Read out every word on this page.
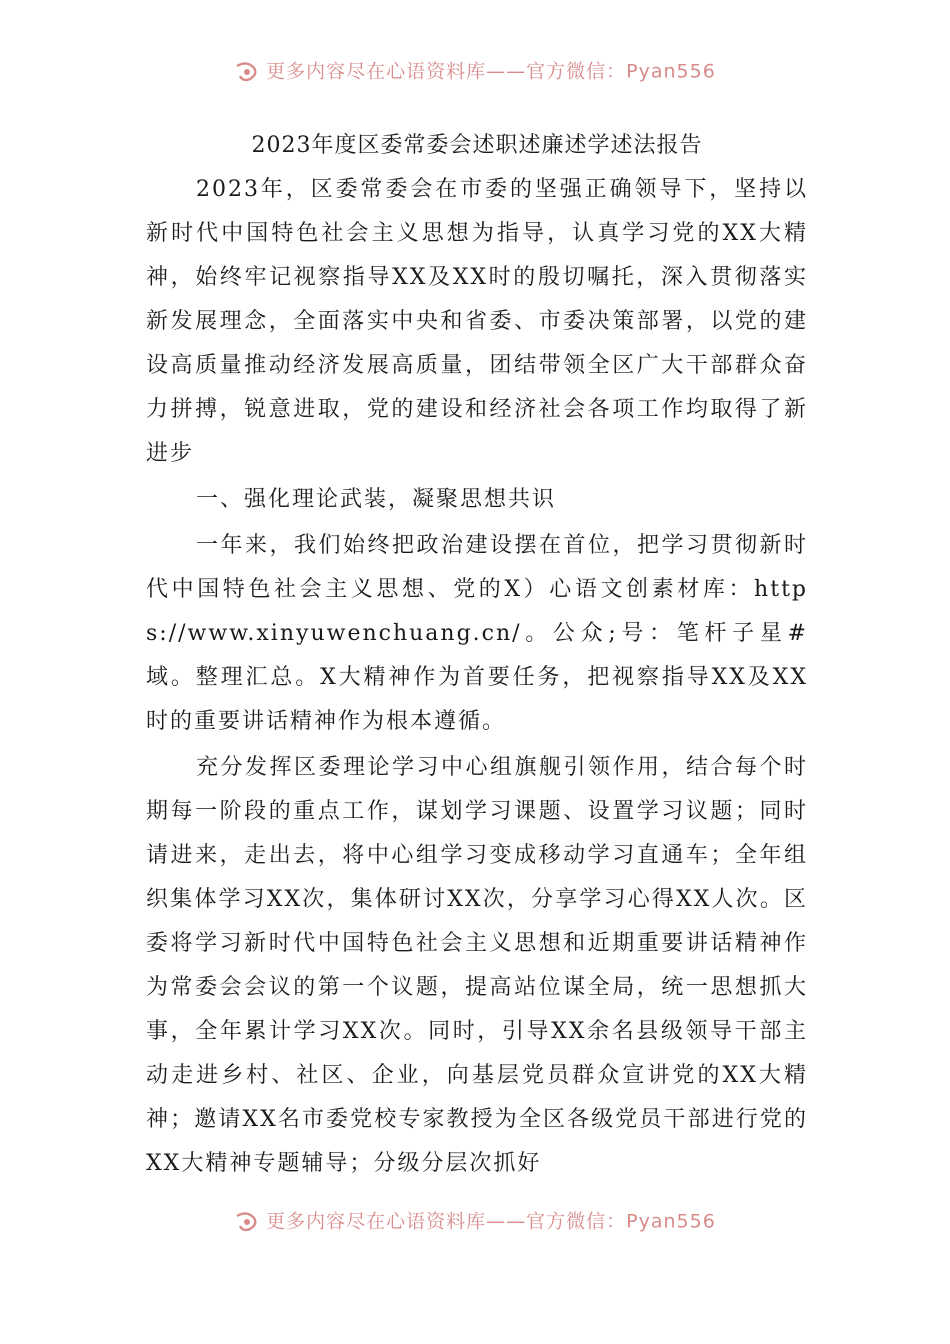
更多内容尽在心语资料库——官方微信：Pyan556
2023年度区委常委会述职述廉述学述法报告

2023年，区委常委会在市委的坚强正确领导下，坚持以新时代中国特色社会主义思想为指导，认真学习党的XX大精神，始终牢记视察指导XX及XX时的殷切嘱托，深入贯彻落实新发展理念，全面落实中央和省委、市委决策部署，以党的建设高质量推动经济发展高质量，团结带领全区广大干部群众奋力拼搏，锐意进取，党的建设和经济社会各项工作均取得了新进步

一、强化理论武装，凝聚思想共识

一年来，我们始终把政治建设摆在首位，把学习贯彻新时代中国特色社会主义思想、党的X）心语文创素材库：https://www.xinyuwenchuang.cn/。公众;号：笔杆子星#域。整理汇总。X大精神作为首要任务，把视察指导XX及XX时的重要讲话精神作为根本遵循。

充分发挥区委理论学习中心组旗舰引领作用，结合每个时期每一阶段的重点工作，谋划学习课题、设置学习议题；同时请进来，走出去，将中心组学习变成移动学习直通车；全年组织集体学习XX次，集体研讨XX次，分享学习心得XX人次。区委将学习新时代中国特色社会主义思想和近期重要讲话精神作为常委会会议的第一个议题，提高站位谋全局，统一思想抓大事，全年累计学习XX次。同时，引导XX余名县级领导干部主动走进乡村、社区、企业，向基层党员群众宣讲党的XX大精神；邀请XX名市委党校专家教授为全区各级党员干部进行党的XX大精神专题辅导；分级分层次抓好

更多内容尽在心语资料库——官方微信：Pyan556
